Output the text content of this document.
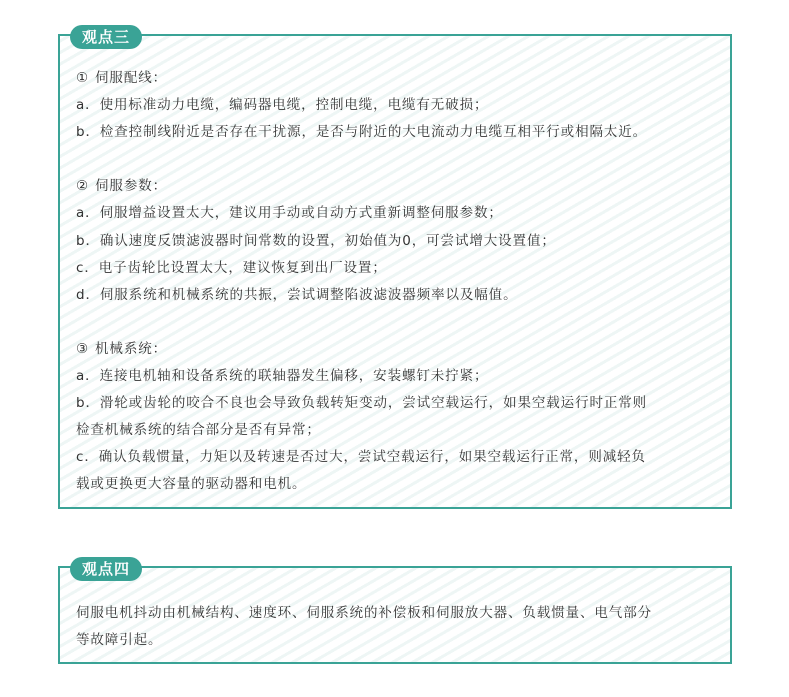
观点三
① 伺服配线：
a．使用标准动力电缆，编码器电缆，控制电缆，电缆有无破损；
b．检查控制线附近是否存在干扰源，是否与附近的大电流动力电缆互相平行或相隔太近。
② 伺服参数：
a．伺服增益设置太大，建议用手动或自动方式重新调整伺服参数；
b．确认速度反馈滤波器时间常数的设置，初始值为0，可尝试增大设置值；
c．电子齿轮比设置太大，建议恢复到出厂设置；
d．伺服系统和机械系统的共振，尝试调整陷波滤波器频率以及幅值。
③ 机械系统：
a．连接电机轴和设备系统的联轴器发生偏移，安装螺钉未拧紧；
b．滑轮或齿轮的咬合不良也会导致负载转矩变动，尝试空载运行，如果空载运行时正常则
检查机械系统的结合部分是否有异常；
c．确认负载惯量，力矩以及转速是否过大，尝试空载运行，如果空载运行正常，则减轻负
载或更换更大容量的驱动器和电机。
观点四
伺服电机抖动由机械结构、速度环、伺服系统的补偿板和伺服放大器、负载惯量、电气部分
等故障引起。
